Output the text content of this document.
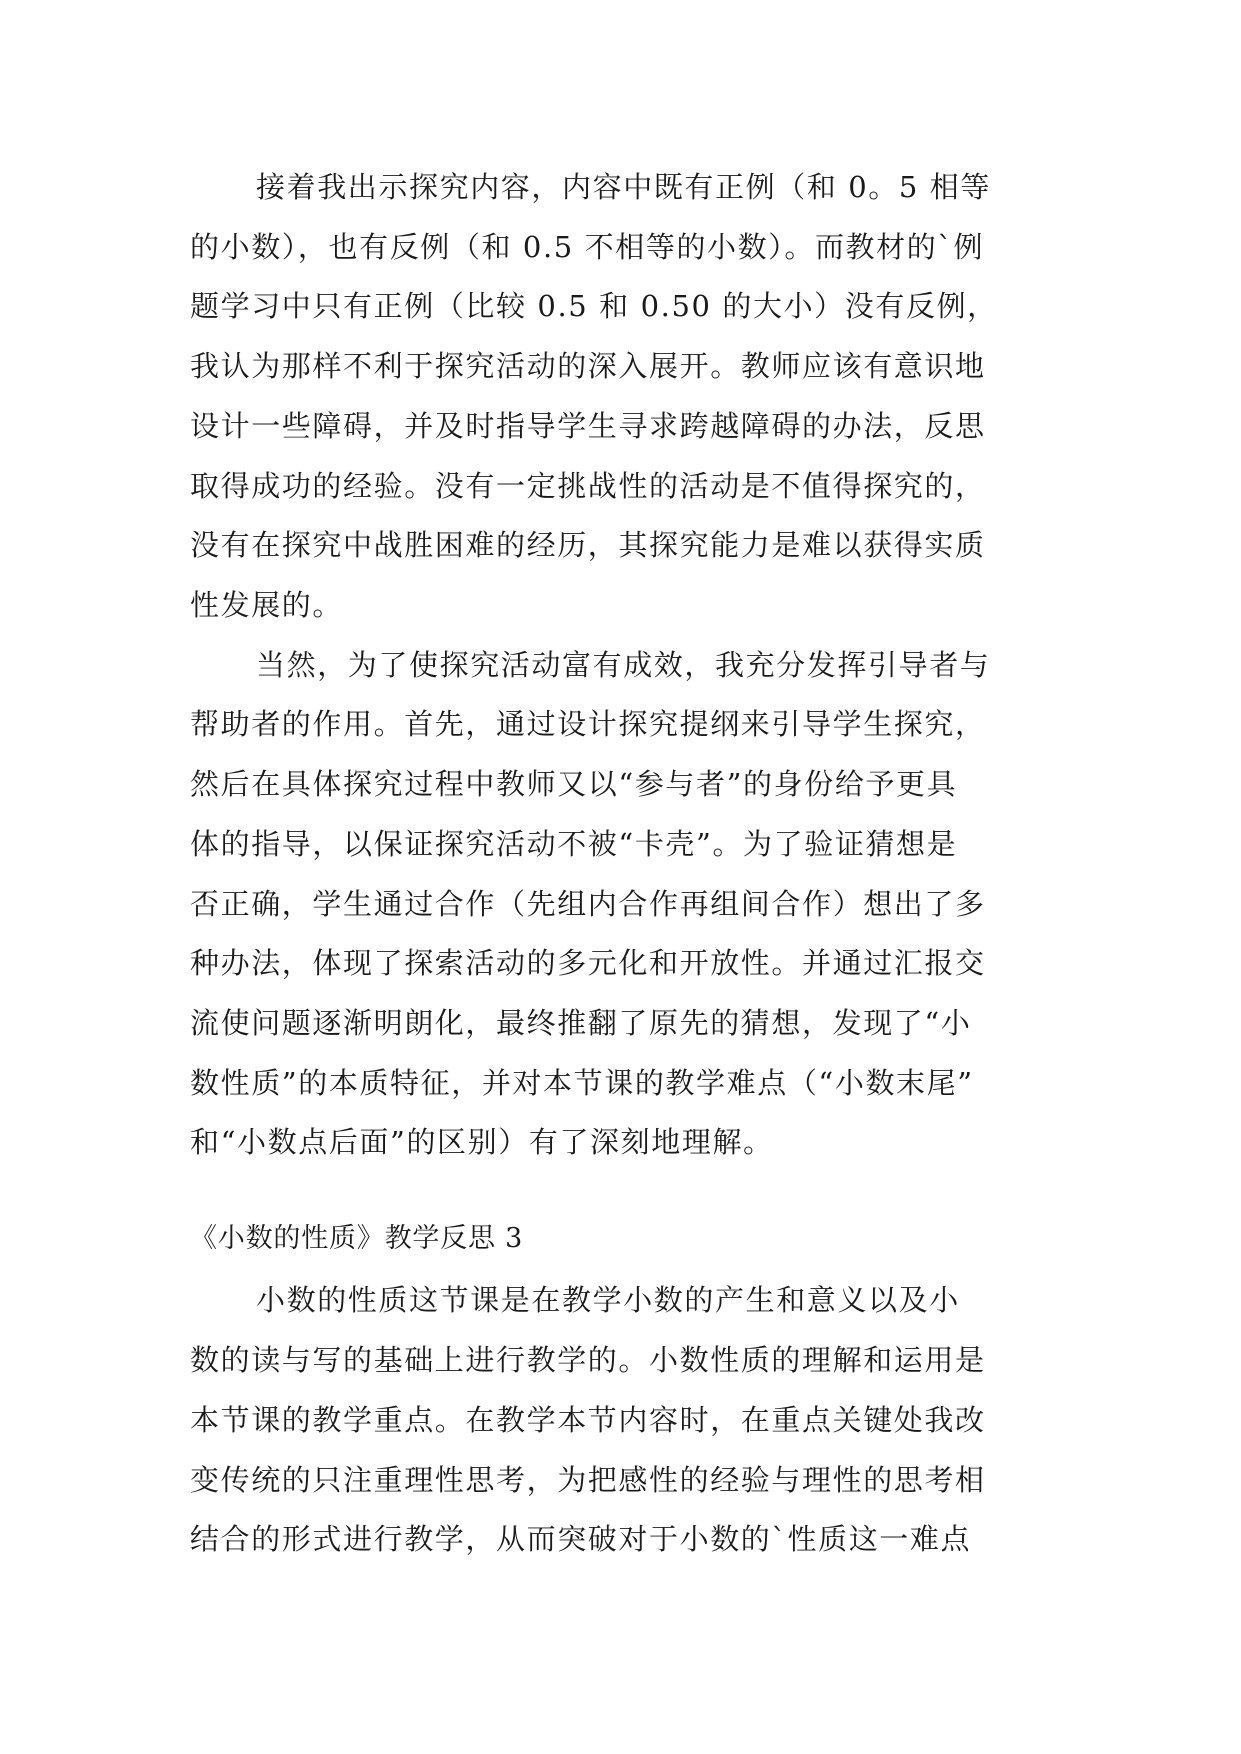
接着我出示探究内容，内容中既有正例（和 0。5 相等
的小数），也有反例（和 0.5 不相等的小数）。而教材的`例
题学习中只有正例（比较 0.5 和 0.50 的大小）没有反例，
我认为那样不利于探究活动的深入展开。教师应该有意识地
设计一些障碍，并及时指导学生寻求跨越障碍的办法，反思
取得成功的经验。没有一定挑战性的活动是不值得探究的，
没有在探究中战胜困难的经历，其探究能力是难以获得实质
性发展的。
当然，为了使探究活动富有成效，我充分发挥引导者与
帮助者的作用。首先，通过设计探究提纲来引导学生探究，
然后在具体探究过程中教师又以“参与者”的身份给予更具
体的指导，以保证探究活动不被“卡壳”。为了验证猜想是
否正确，学生通过合作（先组内合作再组间合作）想出了多
种办法，体现了探索活动的多元化和开放性。并通过汇报交
流使问题逐渐明朗化，最终推翻了原先的猜想，发现了“小
数性质”的本质特征，并对本节课的教学难点（“小数末尾”
和“小数点后面”的区别）有了深刻地理解。
《小数的性质》教学反思 3
小数的性质这节课是在教学小数的产生和意义以及小
数的读与写的基础上进行教学的。小数性质的理解和运用是
本节课的教学重点。在教学本节内容时，在重点关键处我改
变传统的只注重理性思考，为把感性的经验与理性的思考相
结合的形式进行教学，从而突破对于小数的`性质这一难点
